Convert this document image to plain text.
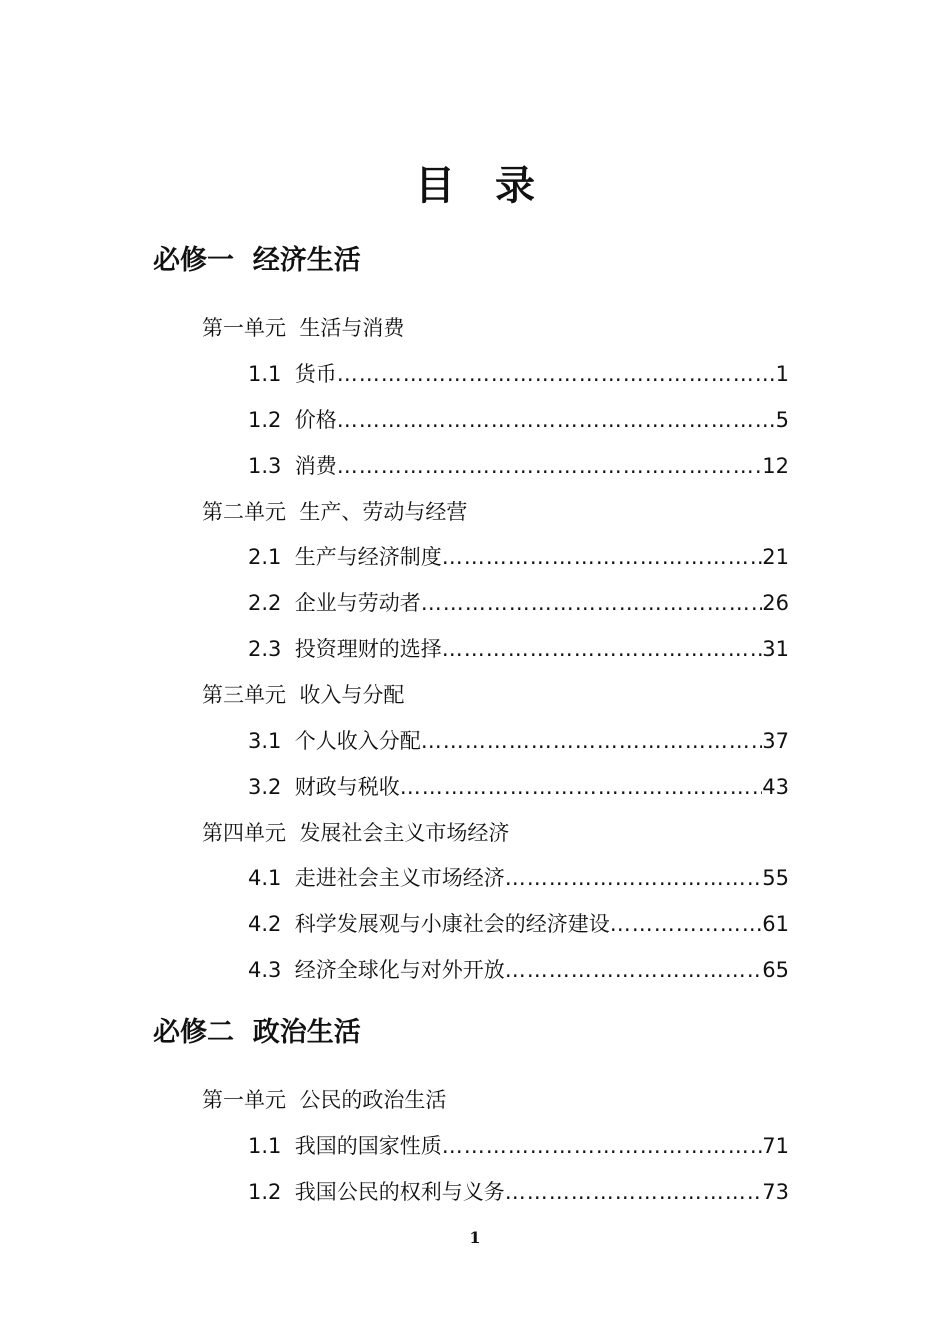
目录
必修一  经济生活
第一单元  生活与消费
1.1  货币 …………………………………………………………………………………………………………………………	1
1.2  价格 …………………………………………………………………………………………………………………………	5
1.3  消费 …………………………………………………………………………………………………………………………	12
第二单元  生产、劳动与经营
2.1  生产与经济制度 …………………………………………………………………………………………………………………………	21
2.2  企业与劳动者 …………………………………………………………………………………………………………………………	26
2.3  投资理财的选择 …………………………………………………………………………………………………………………………	31
第三单元  收入与分配
3.1  个人收入分配 …………………………………………………………………………………………………………………………	37
3.2  财政与税收 …………………………………………………………………………………………………………………………	43
第四单元  发展社会主义市场经济
4.1  走进社会主义市场经济 …………………………………………………………………………………………………………………………	55
4.2  科学发展观与小康社会的经济建设 …………………………………………………………………………………………………………………………	61
4.3  经济全球化与对外开放 …………………………………………………………………………………………………………………………	65
必修二  政治生活
第一单元  公民的政治生活
1.1  我国的国家性质 …………………………………………………………………………………………………………………………	71
1.2  我国公民的权利与义务 …………………………………………………………………………………………………………………………	73
1
